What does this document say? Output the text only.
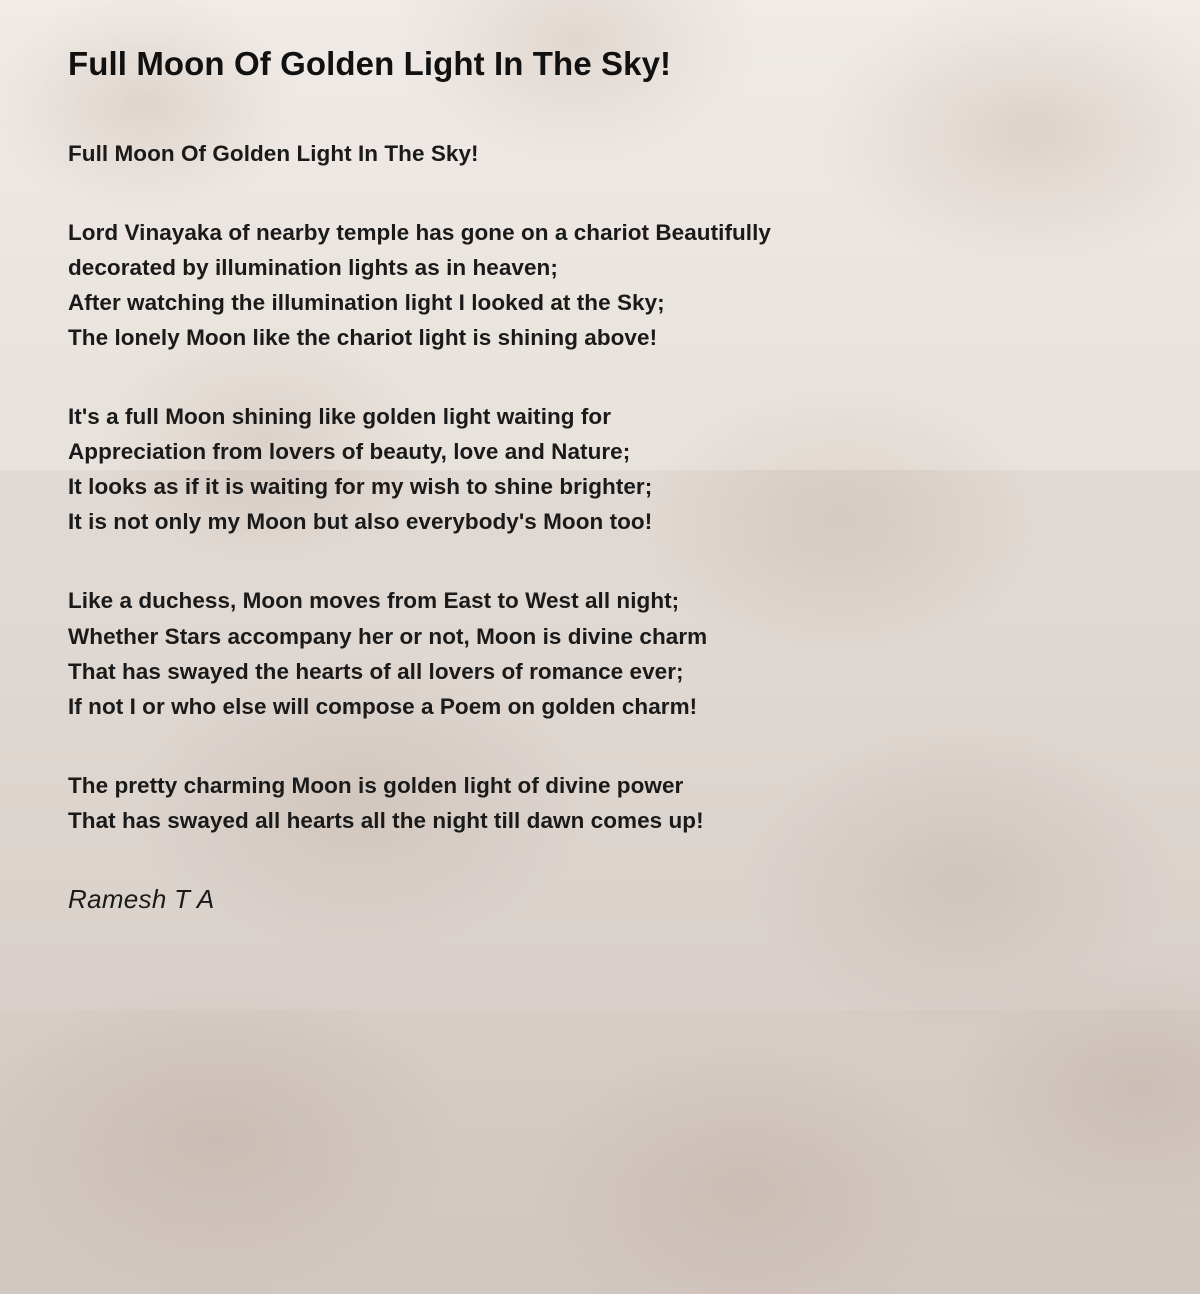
Full Moon Of Golden Light In The Sky!
Full Moon Of Golden Light In The Sky!
Lord Vinayaka of nearby temple has gone on a chariot Beautifully
decorated by illumination lights as in heaven;
After watching the illumination light I looked at the Sky;
The lonely Moon like the chariot light is shining above!
It's a full Moon shining like golden light waiting for
Appreciation from lovers of beauty, love and Nature;
It looks as if it is waiting for my wish to shine brighter;
It is not only my Moon but also everybody's Moon too!
Like a duchess, Moon moves from East to West all night;
Whether Stars accompany her or not, Moon is divine charm
That has swayed the hearts of all lovers of romance ever;
If not I or who else will compose a Poem on golden charm!
The pretty charming Moon is golden light of divine power
That has swayed all hearts all the night till dawn comes up!
Ramesh T A
